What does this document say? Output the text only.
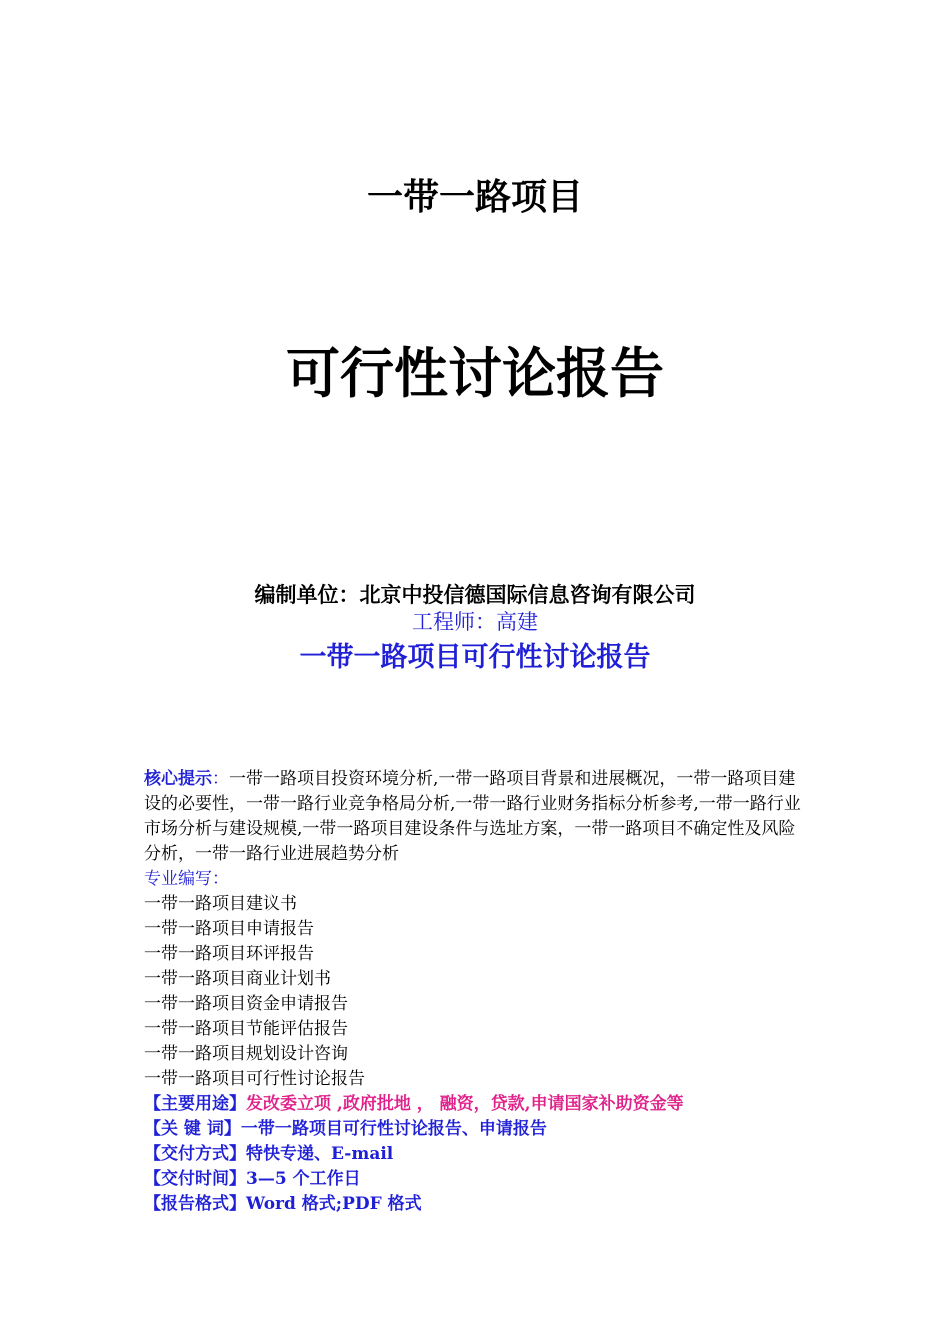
一带一路项目
可行性讨论报告
编制单位：北京中投信德国际信息咨询有限公司
工程师：高建
一带一路项目可行性讨论报告

核心提示：一带一路项目投资环境分析,一带一路项目背景和进展概况，一带一路项目建设的必要性，一带一路行业竞争格局分析,一带一路行业财务指标分析参考,一带一路行业市场分析与建设规模,一带一路项目建设条件与选址方案，一带一路项目不确定性及风险分析，一带一路行业进展趋势分析

专业编写：

一带一路项目建议书

一带一路项目申请报告

一带一路项目环评报告

一带一路项目商业计划书

一带一路项目资金申请报告

一带一路项目节能评估报告

一带一路项目规划设计咨询

一带一路项目可行性讨论报告

【主要用途】发改委立项 ,政府批地 ， 融资，贷款,申请国家补助资金等

【关 键 词】一带一路项目可行性讨论报告、申请报告

【交付方式】特快专递、E-mail

【交付时间】3—5 个工作日

【报告格式】Word 格式;PDF 格式
